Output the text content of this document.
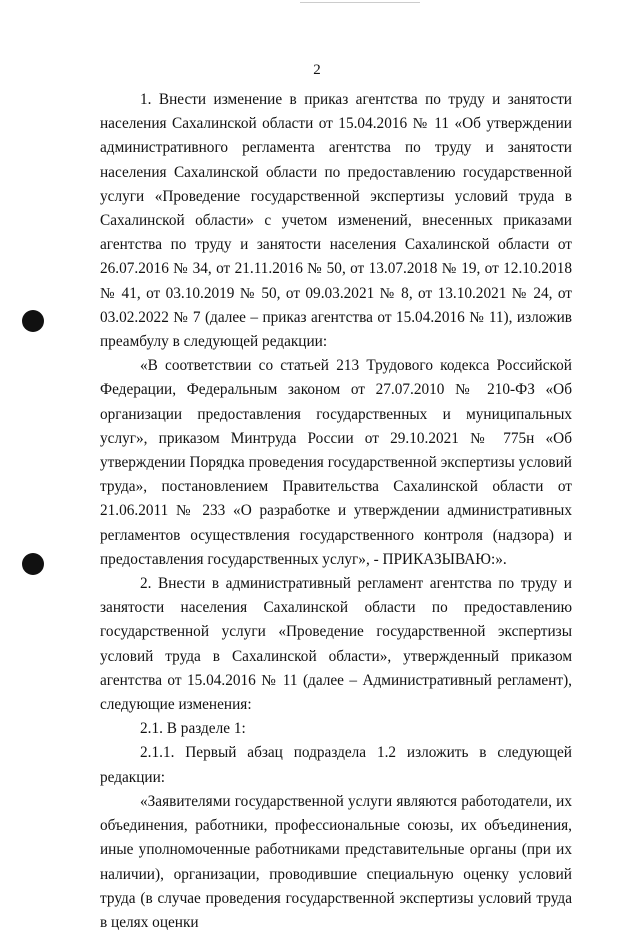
2

1. Внести изменение в приказ агентства по труду и занятости населения Сахалинской области от 15.04.2016 № 11 «Об утверждении административного регламента агентства по труду и занятости населения Сахалинской области по предоставлению государственной услуги «Проведение государственной экспертизы условий труда в Сахалинской области» с учетом изменений, внесенных приказами агентства по труду и занятости населения Сахалинской области от 26.07.2016 № 34, от 21.11.2016 № 50, от 13.07.2018 № 19, от 12.10.2018 № 41, от 03.10.2019 № 50, от 09.03.2021 № 8, от 13.10.2021 № 24, от 03.02.2022 № 7 (далее – приказ агентства от 15.04.2016 № 11), изложив преамбулу в следующей редакции:

«В соответствии со статьей 213 Трудового кодекса Российской Федерации, Федеральным законом от 27.07.2010 № 210-ФЗ «Об организации предоставления государственных и муниципальных услуг», приказом Минтруда России от 29.10.2021 № 775н «Об утверждении Порядка проведения государственной экспертизы условий труда», постановлением Правительства Сахалинской области от 21.06.2011 № 233 «О разработке и утверждении административных регламентов осуществления государственного контроля (надзора) и предоставления государственных услуг», - ПРИКАЗЫВАЮ:».

2. Внести в административный регламент агентства по труду и занятости населения Сахалинской области по предоставлению государственной услуги «Проведение государственной экспертизы условий труда в Сахалинской области», утвержденный приказом агентства от 15.04.2016 № 11 (далее – Административный регламент), следующие изменения:

2.1. В разделе 1:

2.1.1. Первый абзац подраздела 1.2 изложить в следующей редакции:

«Заявителями государственной услуги являются работодатели, их объединения, работники, профессиональные союзы, их объединения, иные уполномоченные работниками представительные органы (при их наличии), организации, проводившие специальную оценку условий труда (в случае проведения государственной экспертизы условий труда в целях оценки
